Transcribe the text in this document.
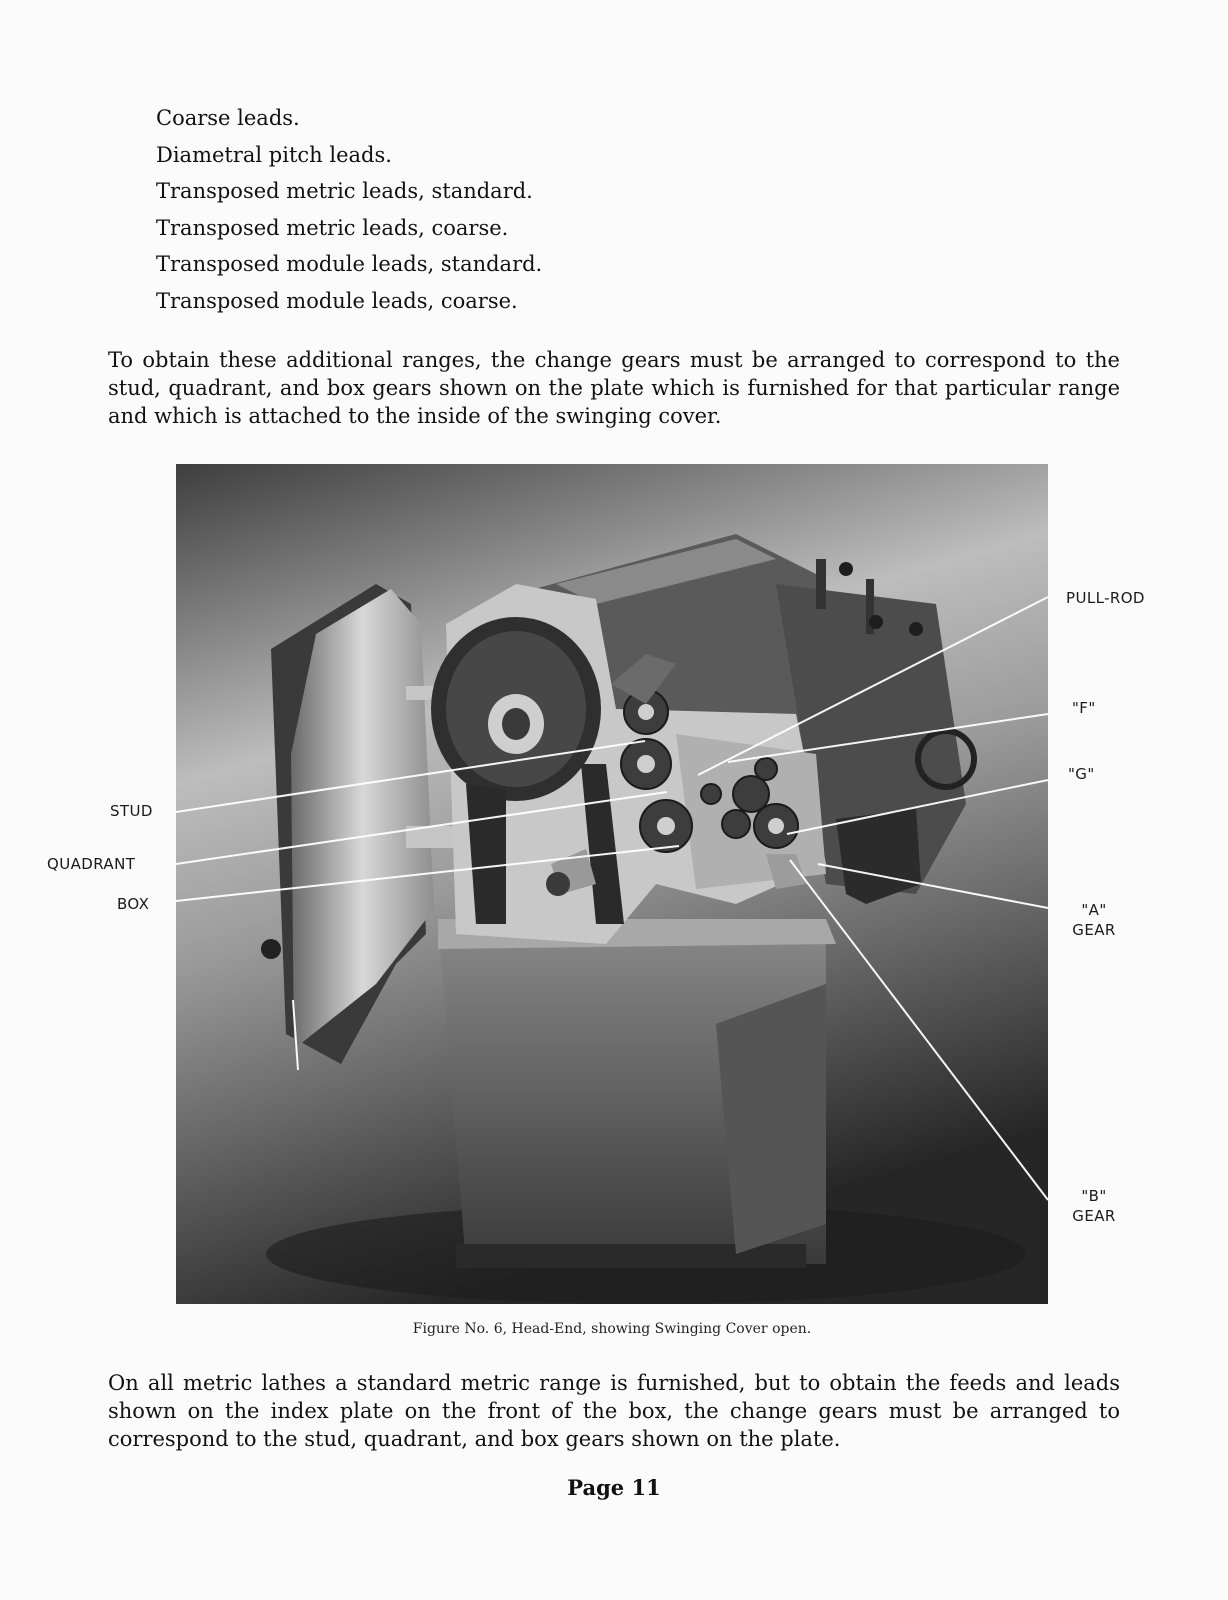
Coarse leads.
Diametral pitch leads.
Transposed metric leads, standard.
Transposed metric leads, coarse.
Transposed module leads, standard.
Transposed module leads, coarse.

To obtain these additional ranges, the change gears must be arranged to correspond to the stud, quadrant, and box gears shown on the plate which is furnished for that particular range and which is attached to the inside of the swinging cover.

STUD
QUADRANT
BOX
PULL-ROD
"F"
"G"
"A"
GEAR
"B"
GEAR
Figure No. 6, Head-End, showing Swinging Cover open.

On all metric lathes a standard metric range is furnished, but to obtain the feeds and leads shown on the index plate on the front of the box, the change gears must be arranged to correspond to the stud, quadrant, and box gears shown on the plate.

Page 11
